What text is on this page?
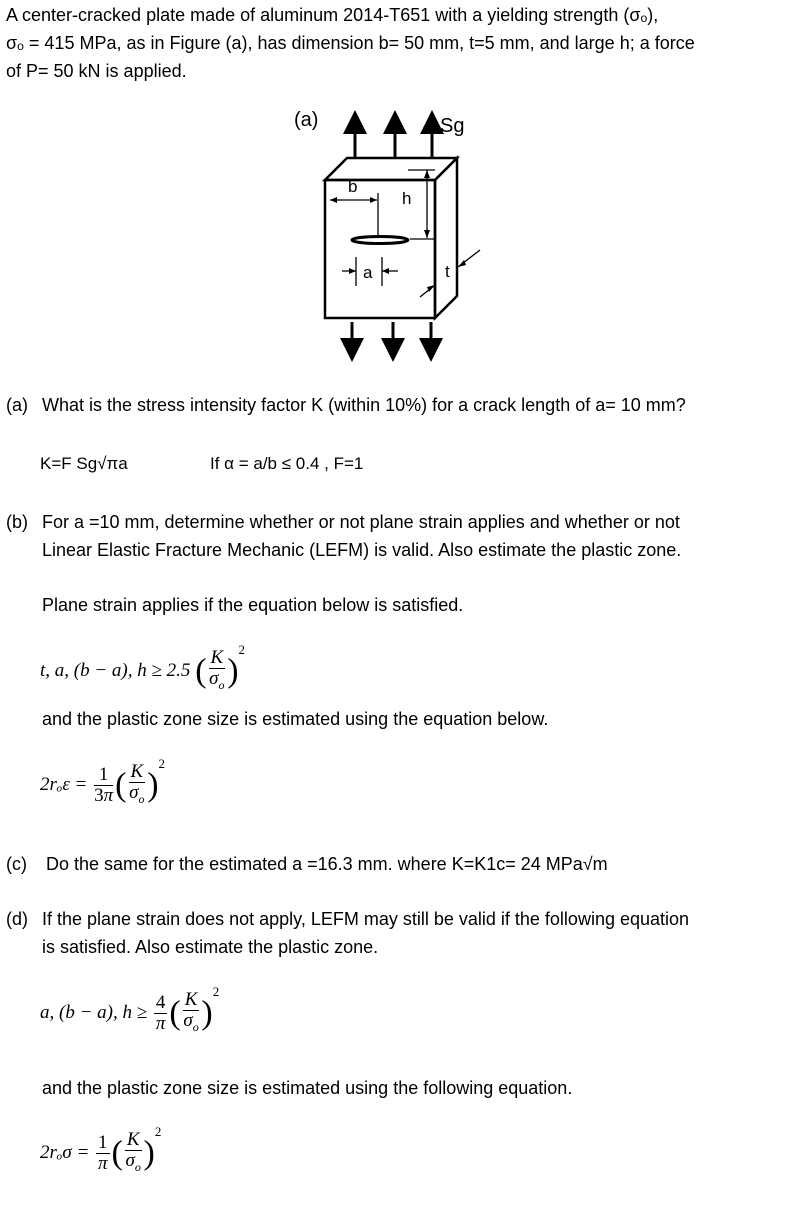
A center-cracked plate made of aluminum 2014-T651 with a yielding strength (σₒ),
σₒ = 415 MPa, as in Figure (a), has dimension b= 50 mm, t=5 mm, and large h; a force
of P= 50 kN is applied.
(a)	Sg
b
h
a	t
(a) What is the stress intensity factor K (within 10%) for a crack length of a= 10 mm?
K=F Sg√πa	If α = a/b ≤ 0.4 , F=1
(b) For a =10 mm, determine whether or not plane strain applies and whether or not
Linear Elastic Fracture Mechanic (LEFM) is valid. Also estimate the plastic zone.
Plane strain applies if the equation below is satisfied.
t, a, (b − a), h ≥ 2.5 ( $\frac{K}{\sigma_o} )^2$
and the plastic zone size is estimated using the equation below.
$2r_o\varepsilon = \frac{1}{3\pi}$ ( $\frac{K}{\sigma_o} )^2$
(c) Do the same for the estimated a =16.3 mm. where K=K1c= 24 MPa√m
(d) If the plane strain does not apply, LEFM may still be valid if the following equation
is satisfied. Also estimate the plastic zone.
a, (b − a), $h \ge \frac{4}{\pi}$ ( $\frac{K}{\sigma_o} )^2$
and the plastic zone size is estimated using the following equation.
$2r_o\sigma = \frac{1}{\pi}$ ( $\frac{K}{\sigma_o} )^2$
